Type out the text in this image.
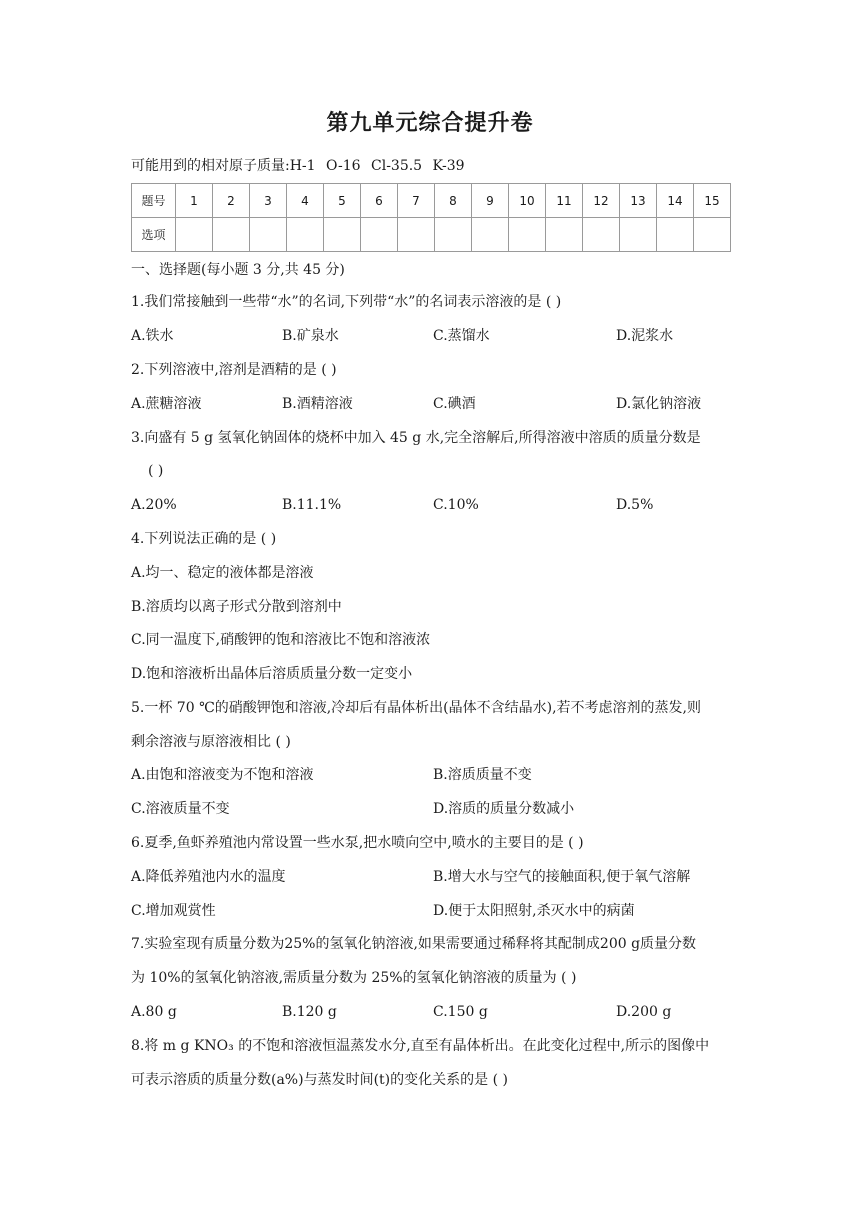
第九单元综合提升卷
可能用到的相对原子质量:H-1 O-16 Cl-35.5 K-39
题号	1	2	3	4	5	6	7	8	9	10	11	12	13	14	15
选项															
一、选择题(每小题 3 分,共 45 分)
1.我们常接触到一些带“水”的名词,下列带“水”的名词表示溶液的是 ( )
A.铁水	B.矿泉水	C.蒸馏水	D.泥浆水
2.下列溶液中,溶剂是酒精的是 ( )
A.蔗糖溶液	B.酒精溶液	C.碘酒	D.氯化钠溶液
3.向盛有 5 g 氢氧化钠固体的烧杯中加入 45 g 水,完全溶解后,所得溶液中溶质的质量分数是
( )
A.20%	B.11.1%	C.10%	D.5%
4.下列说法正确的是 ( )
A.均一、稳定的液体都是溶液
B.溶质均以离子形式分散到溶剂中
C.同一温度下,硝酸钾的饱和溶液比不饱和溶液浓
D.饱和溶液析出晶体后溶质质量分数一定变小
5.一杯 70 ℃的硝酸钾饱和溶液,冷却后有晶体析出(晶体不含结晶水),若不考虑溶剂的蒸发,则
剩余溶液与原溶液相比 ( )
A.由饱和溶液变为不饱和溶液	B.溶质质量不变
C.溶液质量不变	D.溶质的质量分数减小
6.夏季,鱼虾养殖池内常设置一些水泵,把水喷向空中,喷水的主要目的是 ( )
A.降低养殖池内水的温度	B.增大水与空气的接触面积,便于氧气溶解
C.增加观赏性	D.便于太阳照射,杀灭水中的病菌
7.实验室现有质量分数为25%的氢氧化钠溶液,如果需要通过稀释将其配制成200 g质量分数
为 10%的氢氧化钠溶液,需质量分数为 25%的氢氧化钠溶液的质量为 ( )
A.80 g	B.120 g	C.150 g	D.200 g
8.将 m g KNO₃ 的不饱和溶液恒温蒸发水分,直至有晶体析出。在此变化过程中,所示的图像中
可表示溶质的质量分数(a%)与蒸发时间(t)的变化关系的是 ( )
